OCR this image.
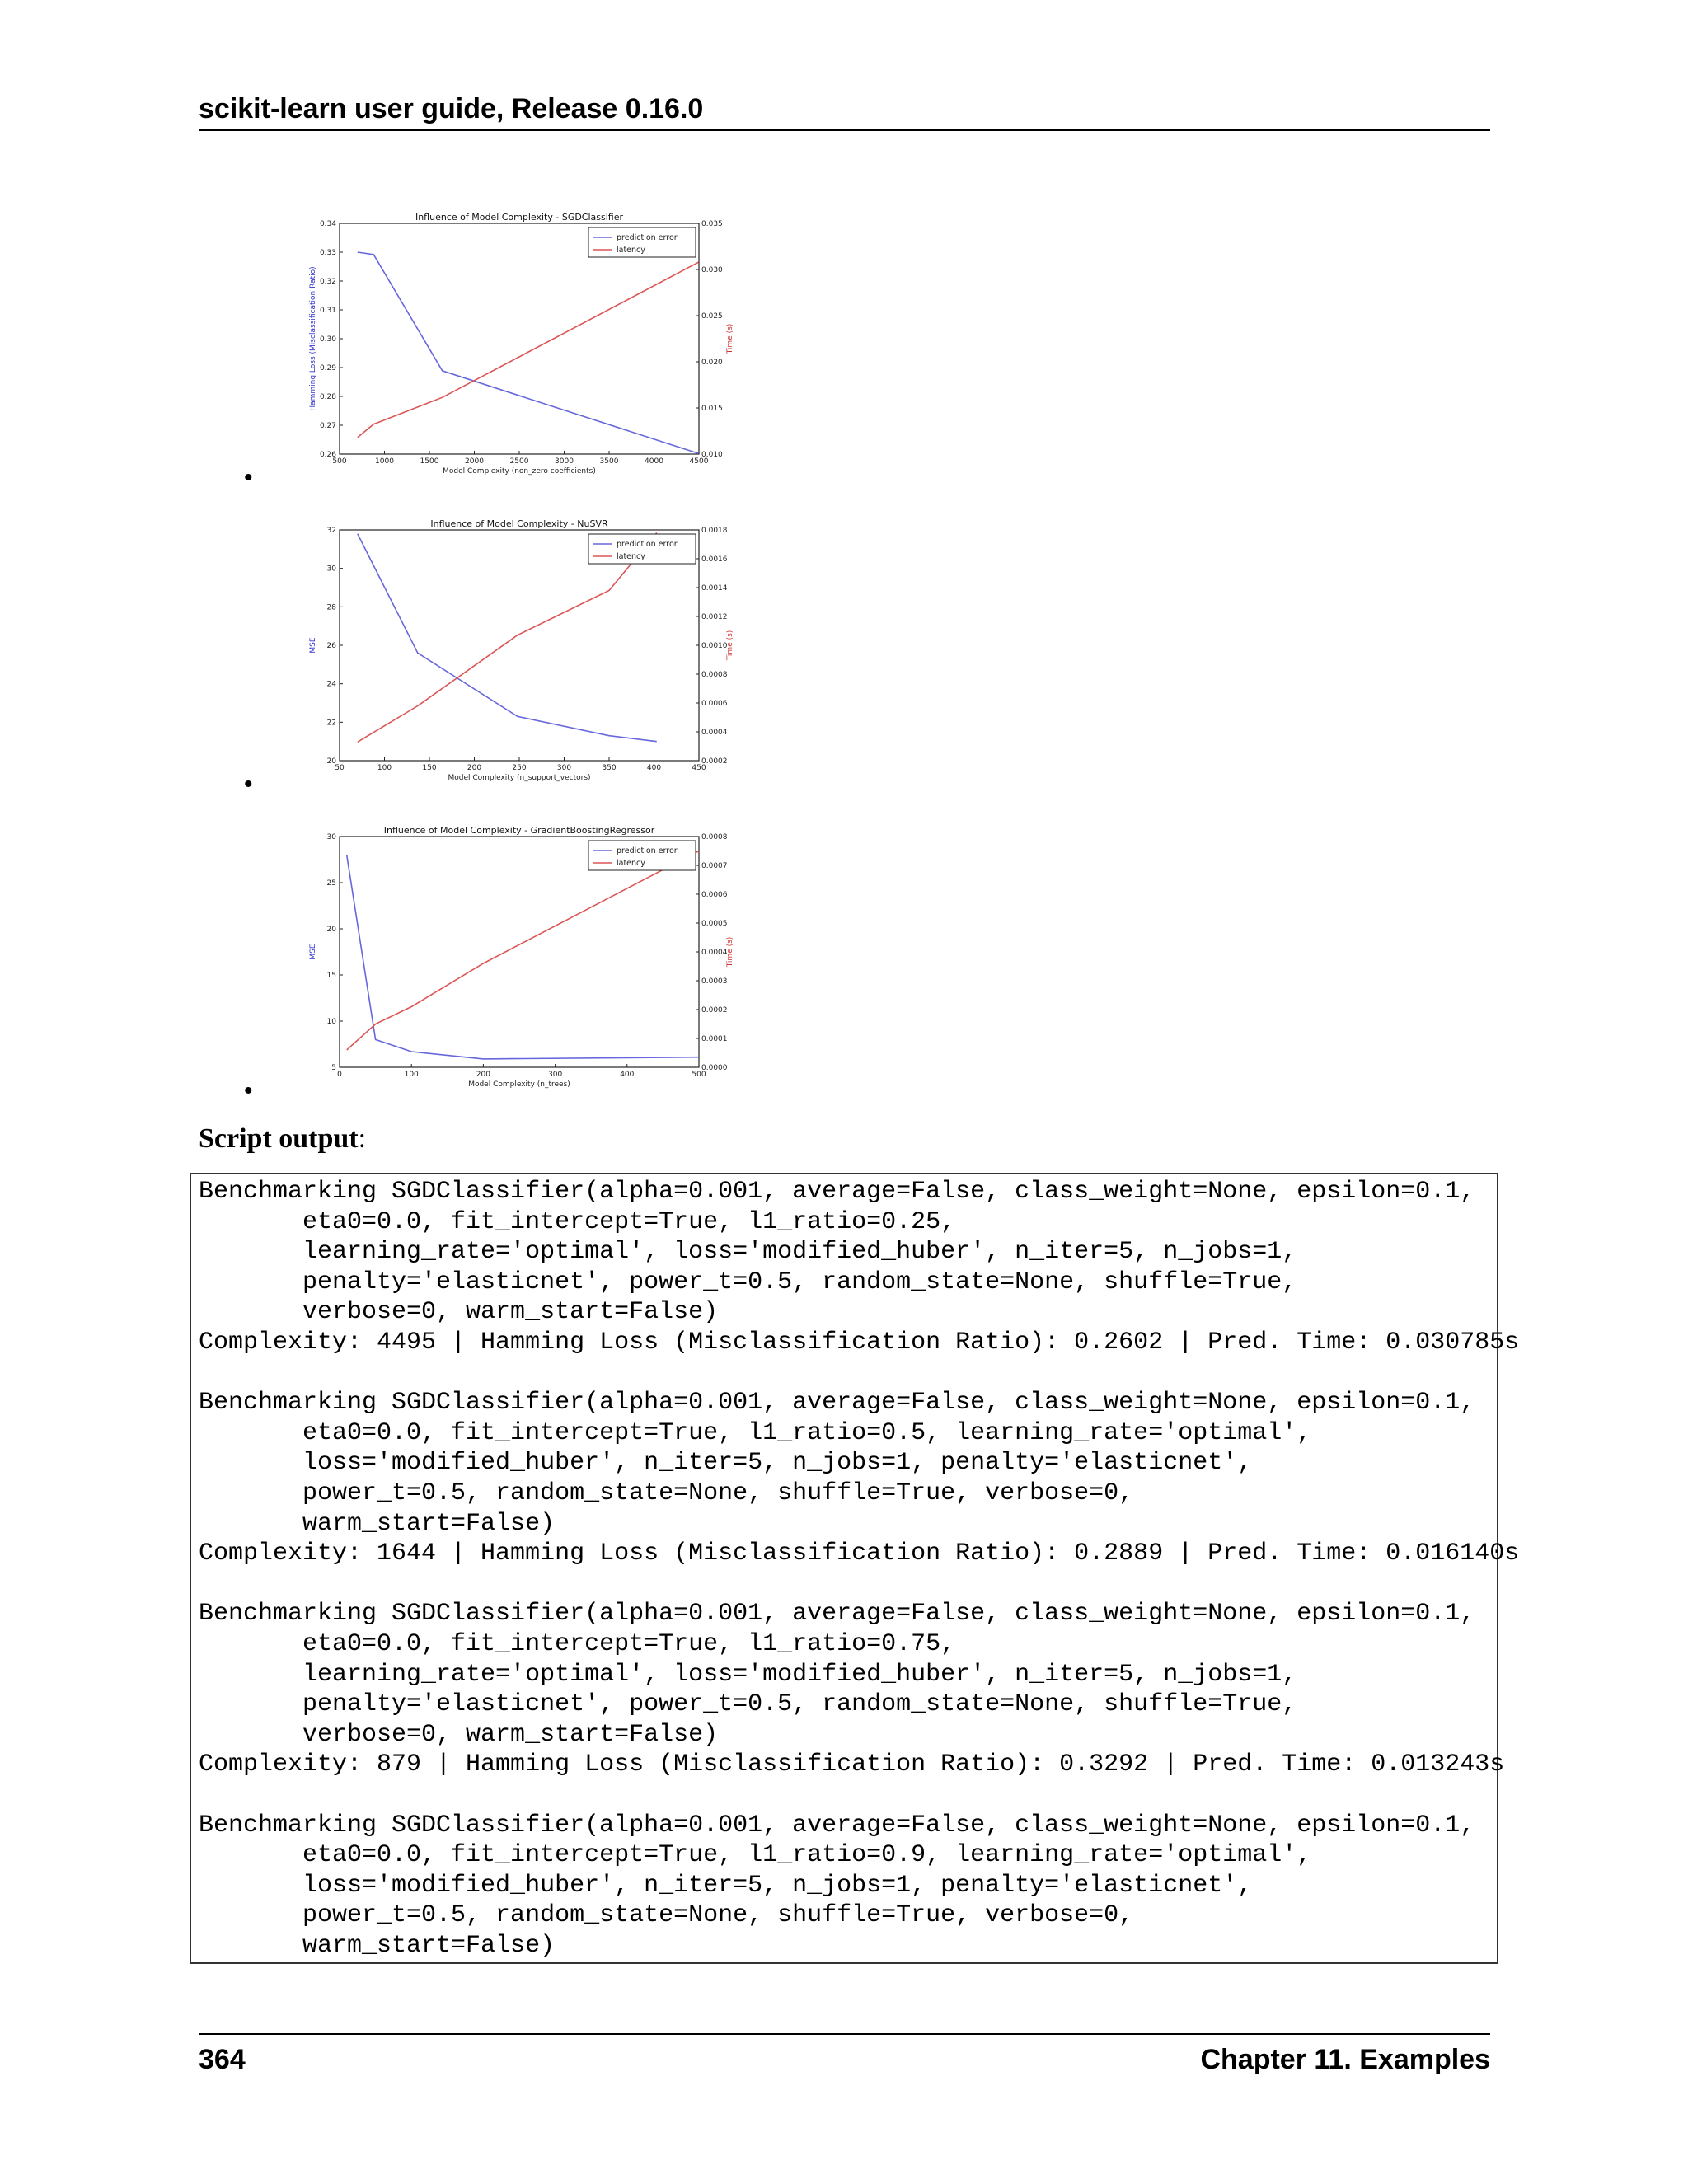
scikit-learn user guide, Release 0.16.0
Influence of Model Complexity - SGDClassifier
500	1000	1500	2000	2500	3000	3500	4000	4500
0.26
0.27
0.28
0.29
0.30
0.31
0.32
0.33
0.34
0.010
0.015
0.020
0.025
0.030
0.035
Model Complexity (non_zero coefficients)
Hamming Loss (Misclassification Ratio)	Time (s)
prediction error
latency
•
Influence of Model Complexity - NuSVR
50	100	150	200	250	300	350	400	450
20
22
24
26
28
30
32
0.0002
0.0004
0.0006
0.0008
0.0010
0.0012
0.0014
0.0016
0.0018
Model Complexity (n_support_vectors)
MSE	Time (s)
prediction error
latency
•
Influence of Model Complexity - GradientBoostingRegressor
0	100	200	300	400	500
5
10
15
20
25
30
0.0000
0.0001
0.0002
0.0003
0.0004
0.0005
0.0006
0.0007
0.0008
Model Complexity (n_trees)
MSE	Time (s)
prediction error
latency
•
Script output:
Benchmarking SGDClassifier(alpha=0.001, average=False, class_weight=None, epsilon=0.1,
eta0=0.0, fit_intercept=True, l1_ratio=0.25,
learning_rate='optimal', loss='modified_huber', n_iter=5, n_jobs=1,
penalty='elasticnet', power_t=0.5, random_state=None, shuffle=True,
verbose=0, warm_start=False)
Complexity: 4495 | Hamming Loss (Misclassification Ratio): 0.2602 | Pred. Time: 0.030785s
Benchmarking SGDClassifier(alpha=0.001, average=False, class_weight=None, epsilon=0.1,
eta0=0.0, fit_intercept=True, l1_ratio=0.5, learning_rate='optimal',
loss='modified_huber', n_iter=5, n_jobs=1, penalty='elasticnet',
power_t=0.5, random_state=None, shuffle=True, verbose=0,
warm_start=False)
Complexity: 1644 | Hamming Loss (Misclassification Ratio): 0.2889 | Pred. Time: 0.016140s
Benchmarking SGDClassifier(alpha=0.001, average=False, class_weight=None, epsilon=0.1,
eta0=0.0, fit_intercept=True, l1_ratio=0.75,
learning_rate='optimal', loss='modified_huber', n_iter=5, n_jobs=1,
penalty='elasticnet', power_t=0.5, random_state=None, shuffle=True,
verbose=0, warm_start=False)
Complexity: 879 | Hamming Loss (Misclassification Ratio): 0.3292 | Pred. Time: 0.013243s
Benchmarking SGDClassifier(alpha=0.001, average=False, class_weight=None, epsilon=0.1,
eta0=0.0, fit_intercept=True, l1_ratio=0.9, learning_rate='optimal',
loss='modified_huber', n_iter=5, n_jobs=1, penalty='elasticnet',
power_t=0.5, random_state=None, shuffle=True, verbose=0,
warm_start=False)
364	Chapter 11. Examples
